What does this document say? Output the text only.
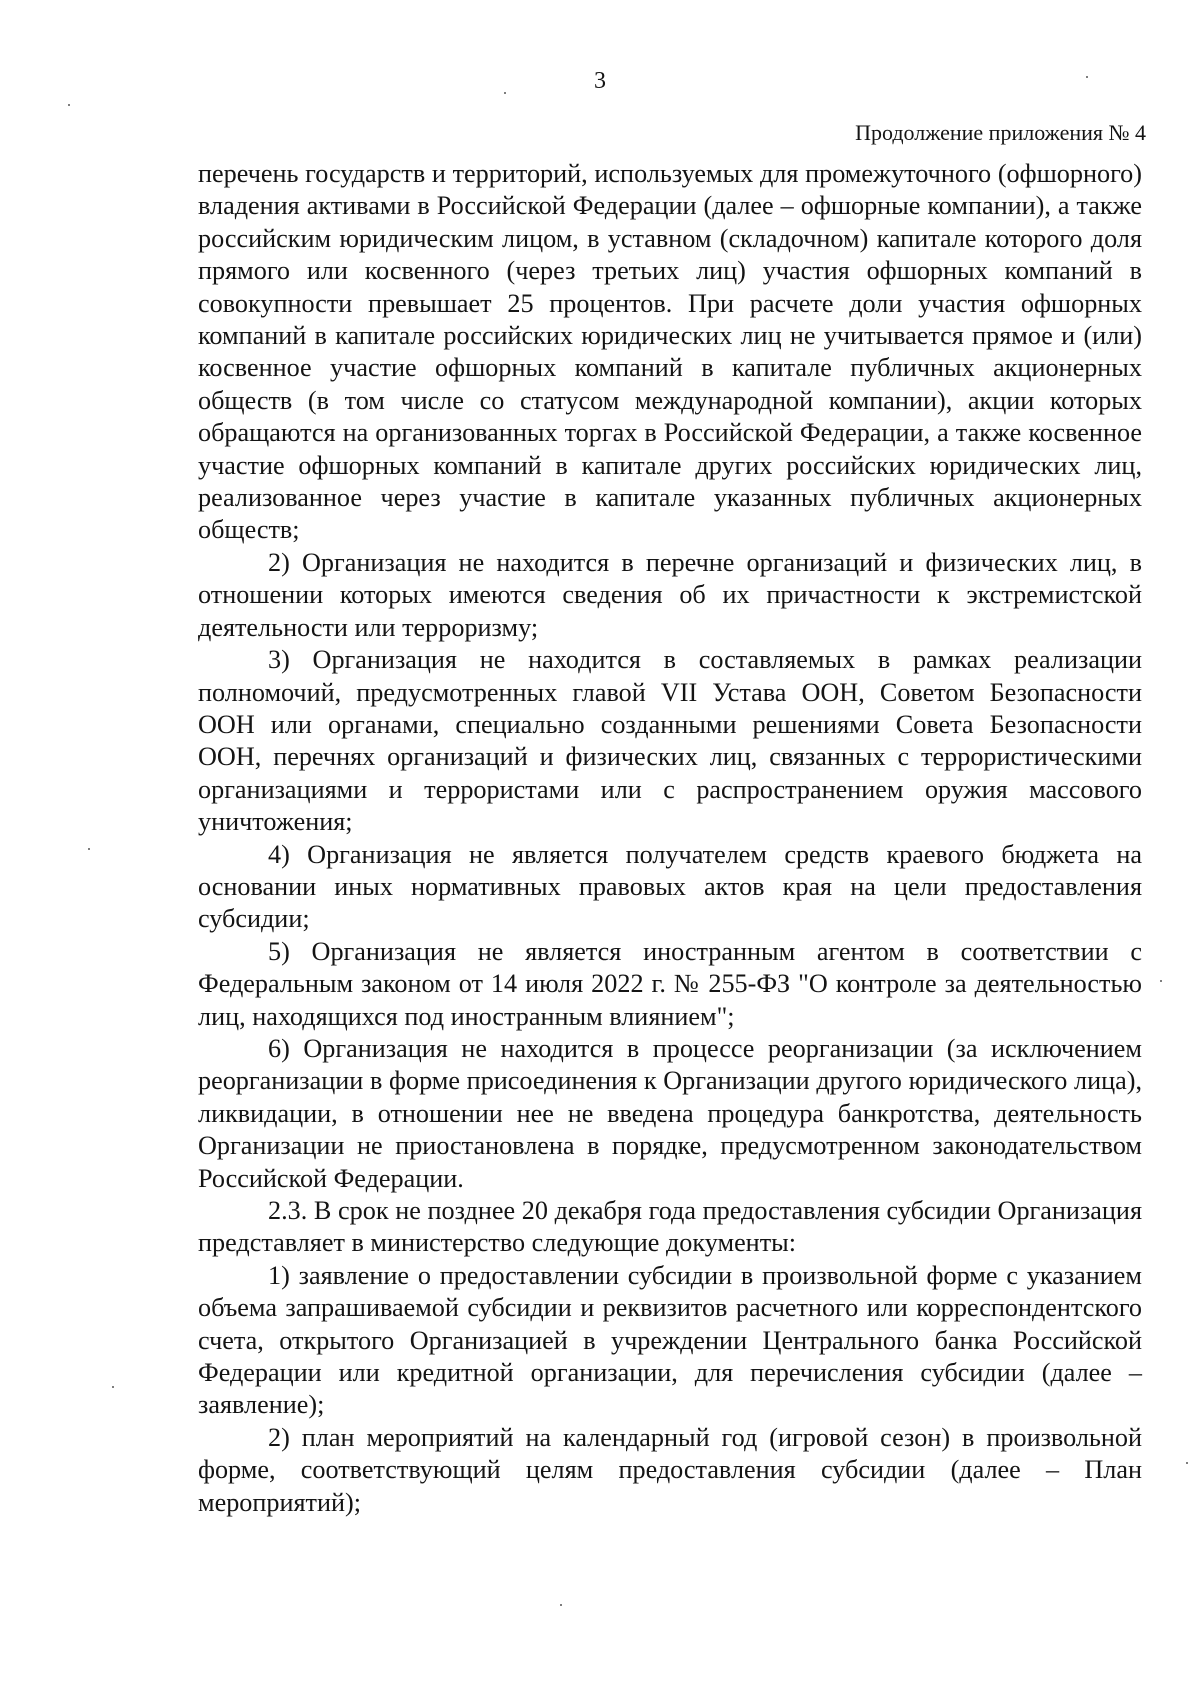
3
Продолжение приложения № 4

перечень государств и территорий, используемых для промежуточного (офшорного) владения активами в Российской Федерации (далее – офшорные компании), а также российским юридическим лицом, в уставном (складочном) капитале которого доля прямого или косвенного (через третьих лиц) участия офшорных компаний в совокупности превышает 25 процентов. При расчете доли участия офшорных компаний в капитале российских юридических лиц не учитывается прямое и (или) косвенное участие офшорных компаний в капитале публичных акционерных обществ (в том числе со статусом международной компании), акции которых обращаются на организованных торгах в Российской Федерации, а также косвенное участие офшорных компаний в капитале других российских юридических лиц, реализованное через участие в капитале указанных публичных акционерных обществ;

2) Организация не находится в перечне организаций и физических лиц, в отношении которых имеются сведения об их причастности к экстремистской деятельности или терроризму;

3) Организация не находится в составляемых в рамках реализации полномочий, предусмотренных главой VII Устава ООН, Советом Безопасности ООН или органами, специально созданными решениями Совета Безопасности ООН, перечнях организаций и физических лиц, связанных с террористическими организациями и террористами или с распространением оружия массового уничтожения;

4) Организация не является получателем средств краевого бюджета на основании иных нормативных правовых актов края на цели предоставления субсидии;

5) Организация не является иностранным агентом в соответствии с Федеральным законом от 14 июля 2022 г. № 255-ФЗ "О контроле за деятельностью лиц, находящихся под иностранным влиянием";

6) Организация не находится в процессе реорганизации (за исключением реорганизации в форме присоединения к Организации другого юридического лица), ликвидации, в отношении нее не введена процедура банкротства, деятельность Организации не приостановлена в порядке, предусмотренном законодательством Российской Федерации.

2.3. В срок не позднее 20 декабря года предоставления субсидии Организация представляет в министерство следующие документы:

1) заявление о предоставлении субсидии в произвольной форме с указанием объема запрашиваемой субсидии и реквизитов расчетного или корреспондентского счета, открытого Организацией в учреждении Центрального банка Российской Федерации или кредитной организации, для перечисления субсидии (далее – заявление);

2) план мероприятий на календарный год (игровой сезон) в произвольной форме, соответствующий целям предоставления субсидии (далее – План мероприятий);
